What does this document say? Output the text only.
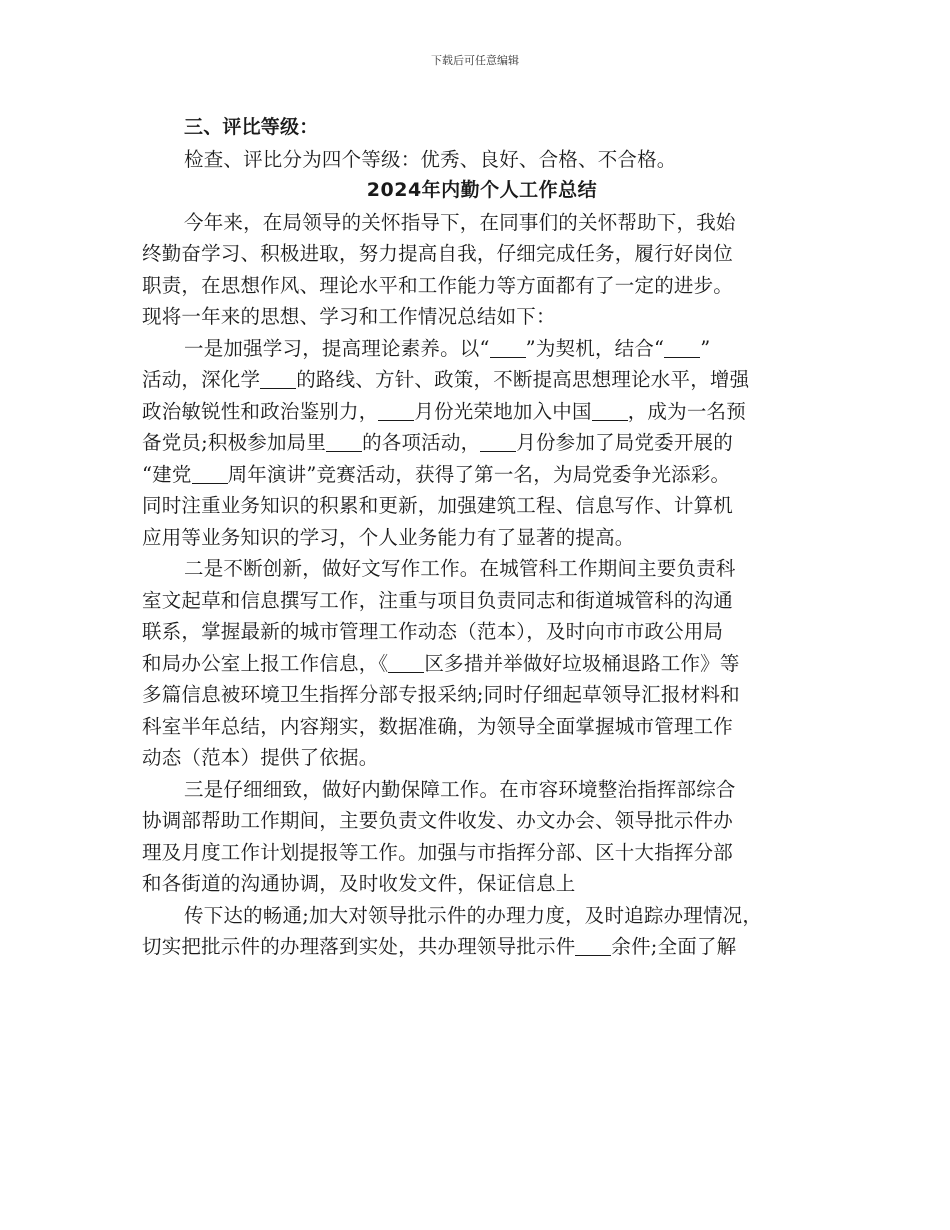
下载后可任意编辑
三、评比等级：
检查、评比分为四个等级：优秀、良好、合格、不合格。
2024年内勤个人工作总结
今年来，在局领导的关怀指导下，在同事们的关怀帮助下，我始
终勤奋学习、积极进取，努力提高自我，仔细完成任务，履行好岗位
职责，在思想作风、理论水平和工作能力等方面都有了一定的进步。
现将一年来的思想、学习和工作情况总结如下：
一是加强学习，提高理论素养。以“ ”为契机，结合“ ”
活动，深化学 的路线、方针、政策，不断提高思想理论水平，增强
政治敏锐性和政治鉴别力， 月份光荣地加入中国 ，成为一名预
备党员;积极参加局里 的各项活动， 月份参加了局党委开展的
“建党 周年演讲”竞赛活动，获得了第一名，为局党委争光添彩。
同时注重业务知识的积累和更新，加强建筑工程、信息写作、计算机
应用等业务知识的学习，个人业务能力有了显著的提高。
二是不断创新，做好文写作工作。在城管科工作期间主要负责科
室文起草和信息撰写工作，注重与项目负责同志和街道城管科的沟通
联系，掌握最新的城市管理工作动态（范本），及时向市市政公用局
和局办公室上报工作信息，《 区多措并举做好垃圾桶退路工作》等
多篇信息被环境卫生指挥分部专报采纳;同时仔细起草领导汇报材料和
科室半年总结，内容翔实，数据准确，为领导全面掌握城市管理工作
动态（范本）提供了依据。
三是仔细细致，做好内勤保障工作。在市容环境整治指挥部综合
协调部帮助工作期间，主要负责文件收发、办文办会、领导批示件办
理及月度工作计划提报等工作。加强与市指挥分部、区十大指挥分部
和各街道的沟通协调，及时收发文件，保证信息上
传下达的畅通;加大对领导批示件的办理力度，及时追踪办理情况，
切实把批示件的办理落到实处，共办理领导批示件 余件;全面了解
